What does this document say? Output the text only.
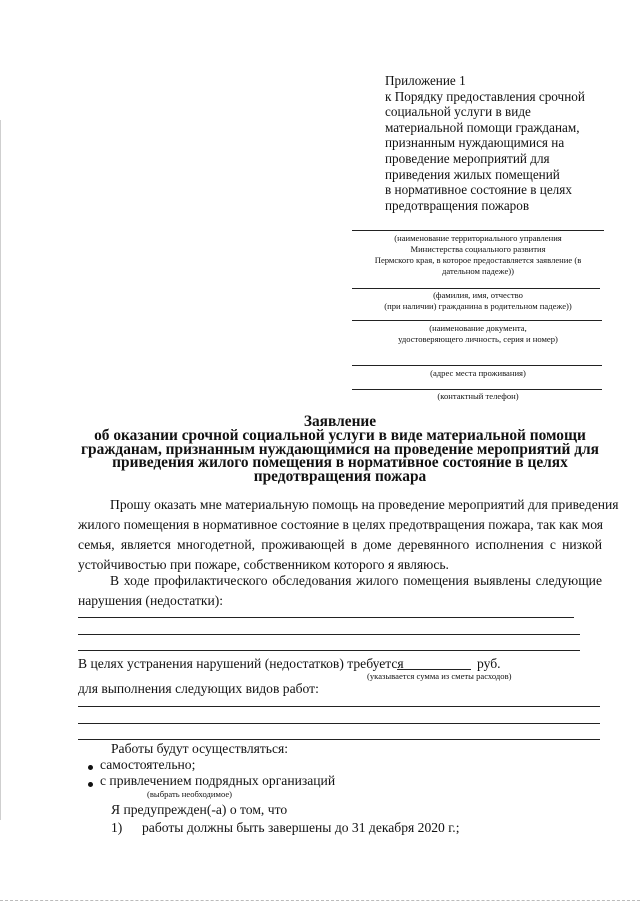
Приложение 1
к Порядку предоставления срочной
социальной услуги в виде
материальной помощи гражданам,
признанным нуждающимися на
проведение мероприятий для
приведения жилых помещений
в нормативное состояние в целях
предотвращения пожаров
(наименование территориального управления
Министерства социального развития
Пермского края, в которое предоставляется заявление (в
дательном падеже))
(фамилия, имя, отчество
(при наличии) гражданина в родительном падеже))
(наименование документа,
удостоверяющего личность, серия и номер)
(адрес места проживания)
(контактный телефон)
Заявление
об оказании срочной социальной услуги в виде материальной помощи
гражданам, признанным нуждающимися на проведение мероприятий для
приведения жилого помещения в нормативное состояние в целях
предотвращения пожара
Прошу оказать мне материальную помощь на проведение мероприятий для приведения
жилого помещения в нормативное состояние в целях предотвращения пожара, так как моя
семья, является многодетной, проживающей в доме деревянного исполнения с низкой
устойчивостью при пожаре, собственником которого я являюсь.
В ходе профилактического обследования жилого помещения выявлены следующие
нарушения (недостатки):
В целях устранения нарушений (недостатков) требуется	руб.
(указывается сумма из сметы расходов)
для выполнения следующих видов работ:
Работы будут осуществляться:
самостоятельно;
с привлечением подрядных организаций
(выбрать необходимое)
Я предупрежден(-а) о том, что
1) работы должны быть завершены до 31 декабря 2020 г.;
